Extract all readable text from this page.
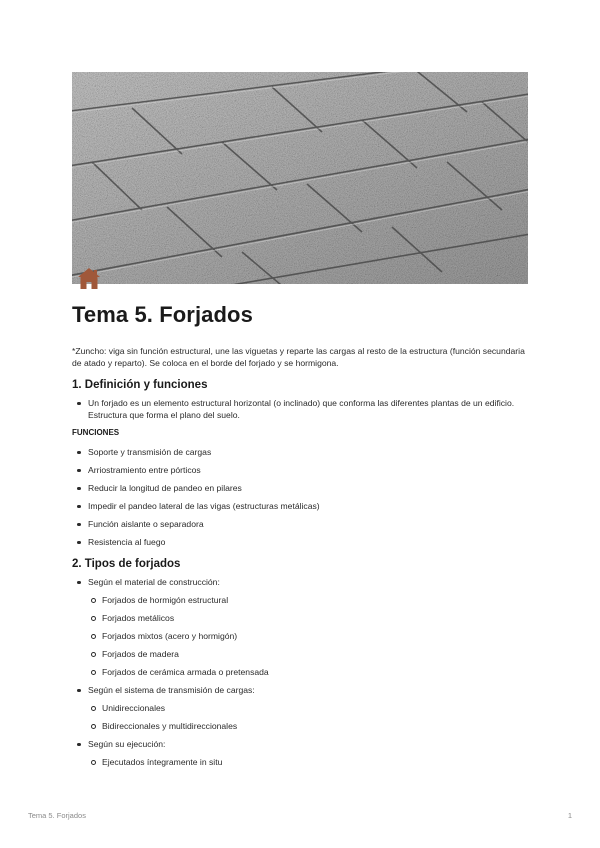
Tema 5. Forjados

*Zuncho: viga sin función estructural, une las viguetas y reparte las cargas al resto de la estructura (función secundaria de atado y reparto). Se coloca en el borde del forjado y se hormigona.

1. Definición y funciones
Un forjado es un elemento estructural horizontal (o inclinado) que conforma las diferentes plantas de un edificio. Estructura que forma el plano del suelo.
FUNCIONES
Soporte y transmisión de cargas
Arriostramiento entre pórticos
Reducir la longitud de pandeo en pilares
Impedir el pandeo lateral de las vigas (estructuras metálicas)
Función aislante o separadora
Resistencia al fuego
2. Tipos de forjados
Según el material de construcción:
Forjados de hormigón estructural
Forjados metálicos
Forjados mixtos (acero y hormigón)
Forjados de madera
Forjados de cerámica armada o pretensada
Según el sistema de transmisión de cargas:
Unidireccionales
Bidireccionales y multidireccionales
Según su ejecución:
Ejecutados íntegramente in situ
Tema 5. Forjados	1
